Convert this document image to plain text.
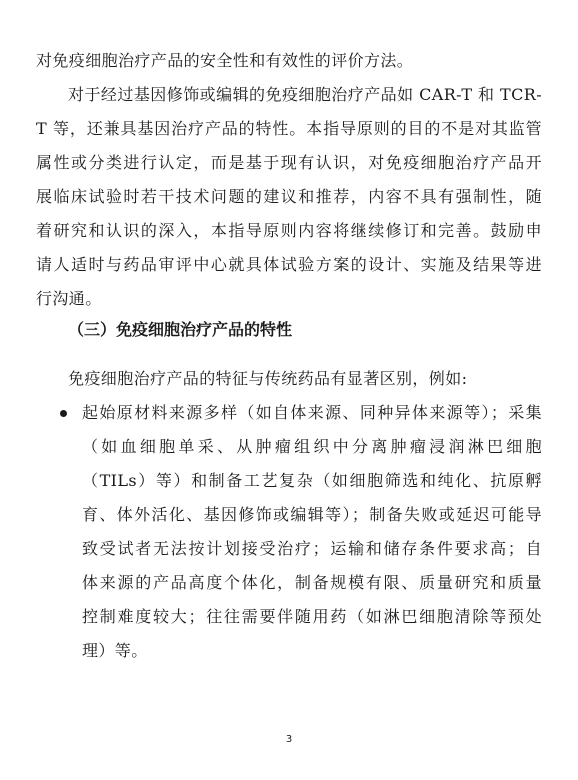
对免疫细胞治疗产品的安全性和有效性的评价方法。
对于经过基因修饰或编辑的免疫细胞治疗产品如 CAR-T 和 TCR-
T 等，还兼具基因治疗产品的特性。本指导原则的目的不是对其监管
属性或分类进行认定，而是基于现有认识，对免疫细胞治疗产品开
展临床试验时若干技术问题的建议和推荐，内容不具有强制性，随
着研究和认识的深入，本指导原则内容将继续修订和完善。鼓励申
请人适时与药品审评中心就具体试验方案的设计、实施及结果等进
行沟通。
（三）免疫细胞治疗产品的特性
免疫细胞治疗产品的特征与传统药品有显著区别，例如:
起始原材料来源多样（如自体来源、同种异体来源等）；采集
（如血细胞单采、从肿瘤组织中分离肿瘤浸润淋巴细胞
（TILs）等）和制备工艺复杂（如细胞筛选和纯化、抗原孵
育、体外活化、基因修饰或编辑等）；制备失败或延迟可能导
致受试者无法按计划接受治疗；运输和储存条件要求高；自
体来源的产品高度个体化，制备规模有限、质量研究和质量
控制难度较大；往往需要伴随用药（如淋巴细胞清除等预处
理）等。
3
